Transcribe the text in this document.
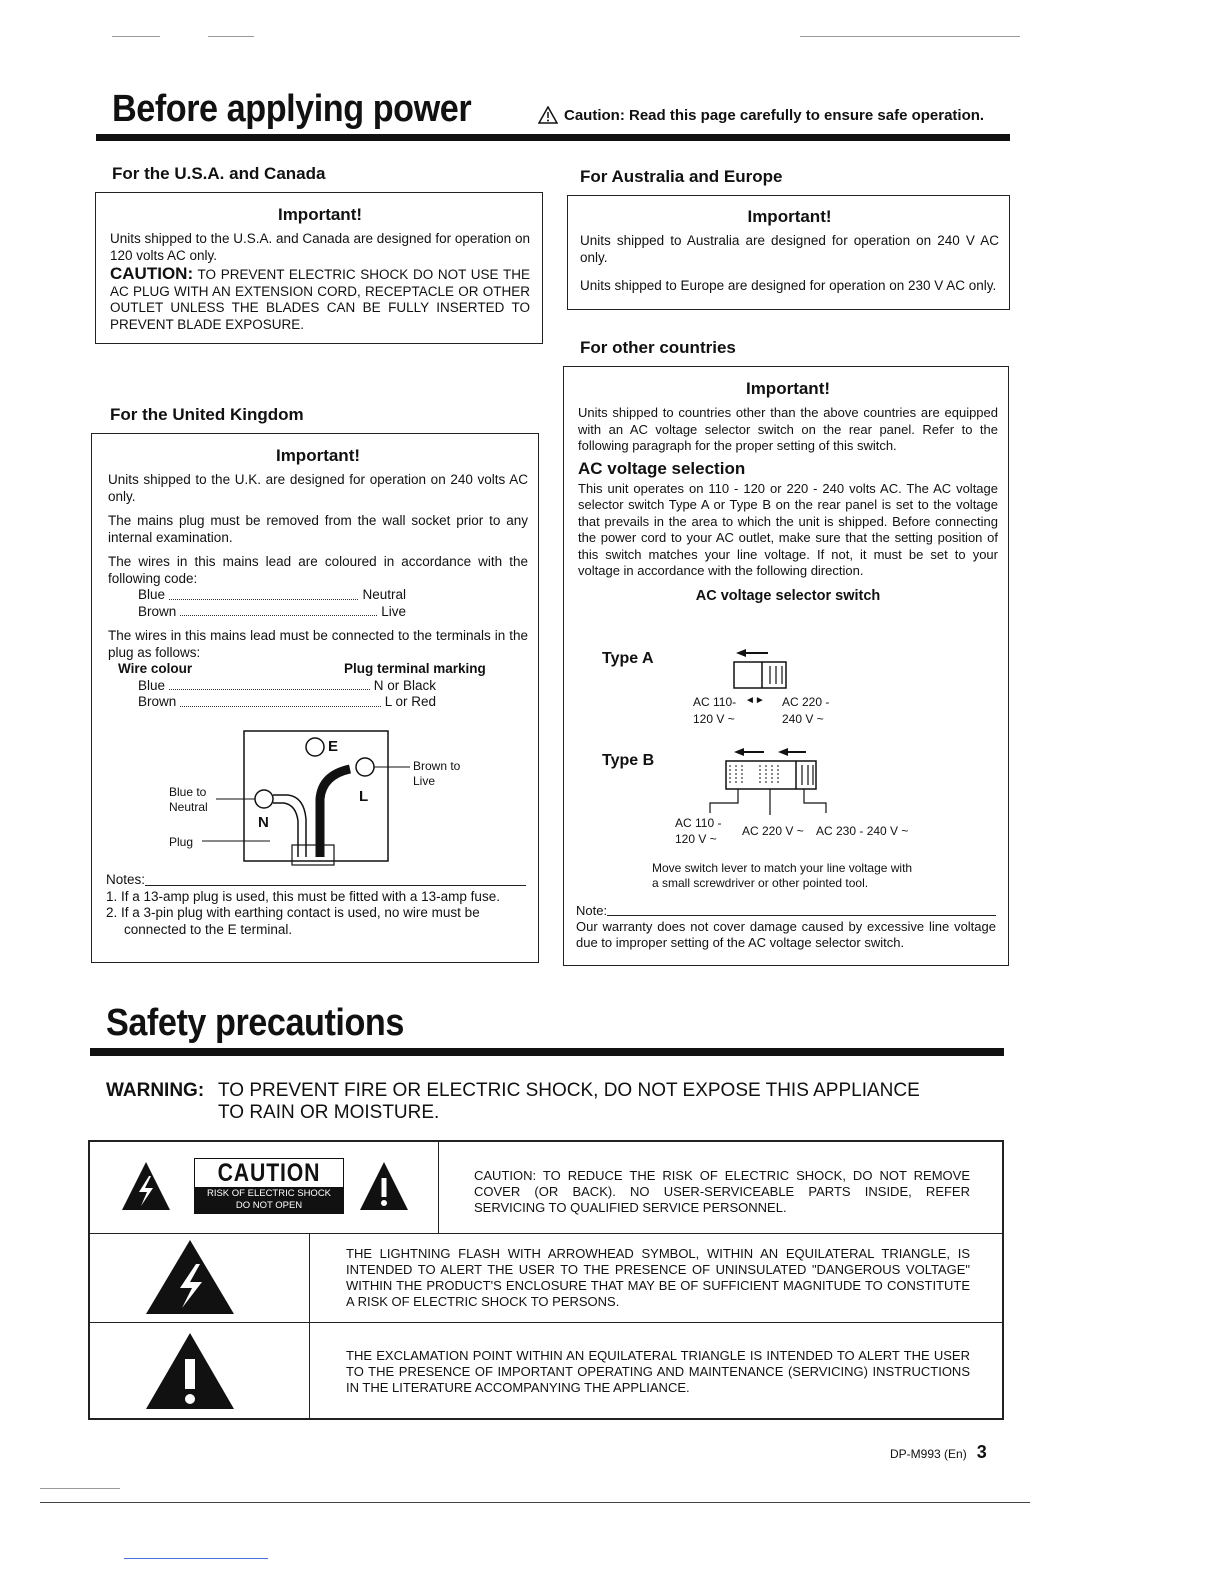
Before applying power	Caution: Read this page carefully to ensure safe operation.
For the U.S.A. and Canada
Important!
Units shipped to the U.S.A. and Canada are designed for operation on 120 volts AC only.
CAUTION: TO PREVENT ELECTRIC SHOCK DO NOT USE THE AC PLUG WITH AN EXTENSION CORD, RECEPTACLE OR OTHER OUTLET UNLESS THE BLADES CAN BE FULLY INSERTED TO PREVENT BLADE EXPOSURE.
For the United Kingdom
Important!
Units shipped to the U.K. are designed for operation on 240 volts AC only.
The mains plug must be removed from the wall socket prior to any internal examination.
The wires in this mains lead are coloured in accordance with the following code:
Blue	Neutral
Brown	Live
The wires in this mains lead must be connected to the terminals in the plug as follows:
Wire colour	Plug terminal marking
Blue	N or Black
Brown	L or Red
E
L
N
Blue to
Neutral
Brown to
Live
Plug
Notes:
1. If a 13-amp plug is used, this must be fitted with a 13-amp fuse.
2. If a 3-pin plug with earthing contact is used, no wire must be connected to the E terminal.
For Australia and Europe
Important!
Units shipped to Australia are designed for operation on 240 V AC only.
Units shipped to Europe are designed for operation on 230 V AC only.
For other countries
Important!
Units shipped to countries other than the above countries are equipped with an AC voltage selector switch on the rear panel. Refer to the following paragraph for the proper setting of this switch.
AC voltage selection
This unit operates on 110 - 120 or 220 - 240 volts AC. The AC voltage selector switch Type A or Type B on the rear panel is set to the voltage that prevails in the area to which the unit is shipped. Before connecting the power cord to your AC outlet, make sure that the setting position of this switch matches your line voltage. If not, it must be set to your voltage in accordance with the following direction.
AC voltage selector switch
Type A
AC 110-
120 V ~
◄► AC 220 -
240 V ~
Type B
AC 110 -
120 V ~
AC 220 V ~ AC 230 - 240 V ~
Move switch lever to match your line voltage with
a small screwdriver or other pointed tool.
Note:
Our warranty does not cover damage caused by excessive line voltage due to improper setting of the AC voltage selector switch.
Safety precautions
WARNING: TO PREVENT FIRE OR ELECTRIC SHOCK, DO NOT EXPOSE THIS APPLIANCE
TO RAIN OR MOISTURE.
CAUTION
RISK OF ELECTRIC SHOCK
DO NOT OPEN
CAUTION: TO REDUCE THE RISK OF ELECTRIC SHOCK, DO NOT REMOVE COVER (OR BACK). NO USER-SERVICEABLE PARTS INSIDE, REFER SERVICING TO QUALIFIED SERVICE PERSONNEL.
THE LIGHTNING FLASH WITH ARROWHEAD SYMBOL, WITHIN AN EQUILATERAL TRIANGLE, IS INTENDED TO ALERT THE USER TO THE PRESENCE OF UNINSULATED "DANGEROUS VOLTAGE" WITHIN THE PRODUCT'S ENCLOSURE THAT MAY BE OF SUFFICIENT MAGNITUDE TO CONSTITUTE A RISK OF ELECTRIC SHOCK TO PERSONS.
THE EXCLAMATION POINT WITHIN AN EQUILATERAL TRIANGLE IS INTENDED TO ALERT THE USER TO THE PRESENCE OF IMPORTANT OPERATING AND MAINTENANCE (SERVICING) INSTRUCTIONS IN THE LITERATURE ACCOMPANYING THE APPLIANCE.
DP-M993 (En) 3
